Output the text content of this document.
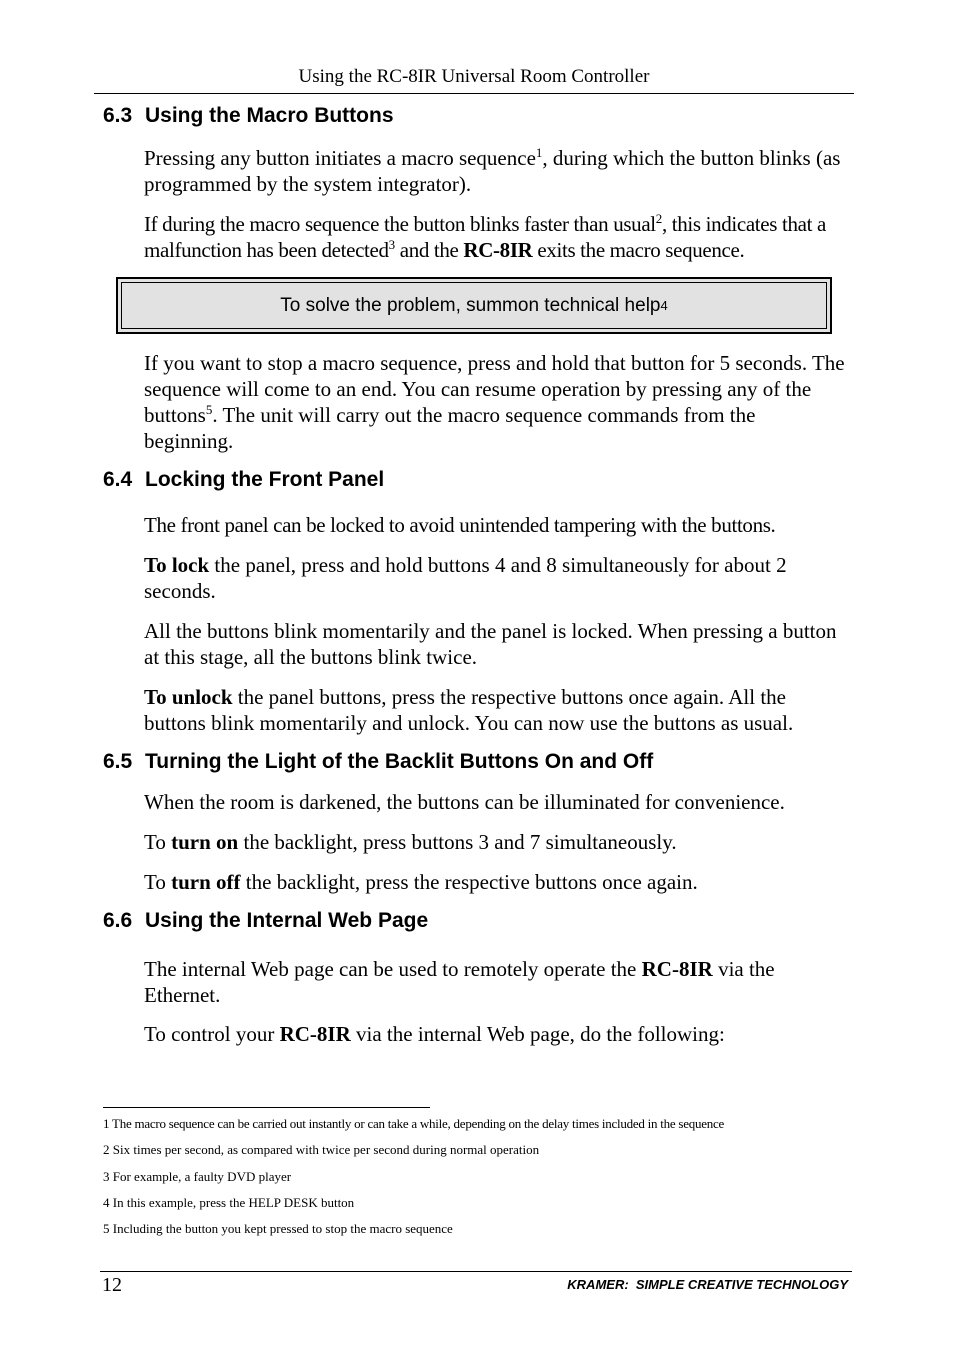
Using the RC-8IR Universal Room Controller
6.3 Using the Macro Buttons
Pressing any button initiates a macro sequence$^1$, during which the button blinks (as programmed by the system integrator).
If during the macro sequence the button blinks faster than usual$^2$, this indicates that a malfunction has been detected$^3$ and the RC-8IR exits the macro sequence.
To solve the problem, summon technical help 4
If you want to stop a macro sequence, press and hold that button for 5 seconds. The sequence will come to an end. You can resume operation by pressing any of the buttons$^5$. The unit will carry out the macro sequence commands from the beginning.
6.4 Locking the Front Panel
The front panel can be locked to avoid unintended tampering with the buttons.
To lock the panel, press and hold buttons 4 and 8 simultaneously for about 2 seconds.
All the buttons blink momentarily and the panel is locked. When pressing a button at this stage, all the buttons blink twice.
To unlock the panel buttons, press the respective buttons once again. All the buttons blink momentarily and unlock. You can now use the buttons as usual.
6.5 Turning the Light of the Backlit Buttons On and Off
When the room is darkened, the buttons can be illuminated for convenience.
To turn on the backlight, press buttons 3 and 7 simultaneously.
To turn off the backlight, press the respective buttons once again.
6.6 Using the Internal Web Page
The internal Web page can be used to remotely operate the RC-8IR via the Ethernet.
To control your RC-8IR via the internal Web page, do the following:
1 The macro sequence can be carried out instantly or can take a while, depending on the delay times included in the sequence
2 Six times per second, as compared with twice per second during normal operation
3 For example, a faulty DVD player
4 In this example, press the HELP DESK button
5 Including the button you kept pressed to stop the macro sequence
12	KRAMER:  SIMPLE CREATIVE TECHNOLOGY
